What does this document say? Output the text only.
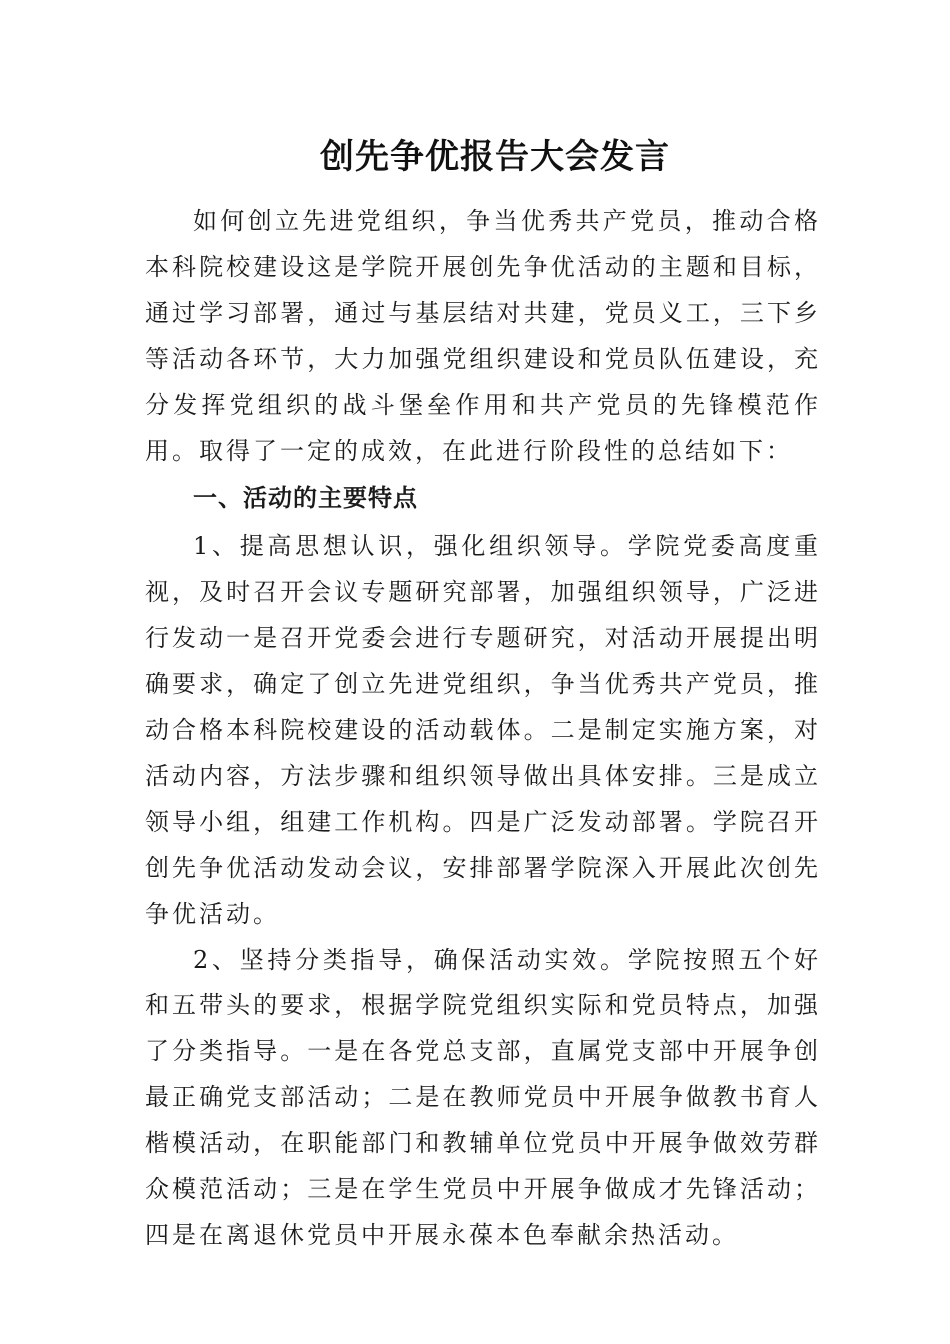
创先争优报告大会发言

如何创立先进党组织，争当优秀共产党员，推动合格本科院校建设这是学院开展创先争优活动的主题和目标，通过学习部署，通过与基层结对共建，党员义工，三下乡等活动各环节，大力加强党组织建设和党员队伍建设，充分发挥党组织的战斗堡垒作用和共产党员的先锋模范作用。取得了一定的成效，在此进行阶段性的总结如下：

一、活动的主要特点

1、提高思想认识，强化组织领导。学院党委高度重视，及时召开会议专题研究部署，加强组织领导，广泛进行发动一是召开党委会进行专题研究，对活动开展提出明确要求，确定了创立先进党组织，争当优秀共产党员，推动合格本科院校建设的活动载体。二是制定实施方案，对活动内容，方法步骤和组织领导做出具体安排。三是成立领导小组，组建工作机构。四是广泛发动部署。学院召开创先争优活动发动会议，安排部署学院深入开展此次创先争优活动。

2、坚持分类指导，确保活动实效。学院按照五个好和五带头的要求，根据学院党组织实际和党员特点，加强了分类指导。一是在各党总支部，直属党支部中开展争创最正确党支部活动；二是在教师党员中开展争做教书育人楷模活动，在职能部门和教辅单位党员中开展争做效劳群众模范活动；三是在学生党员中开展争做成才先锋活动；四是在离退休党员中开展永葆本色奉献余热活动。
